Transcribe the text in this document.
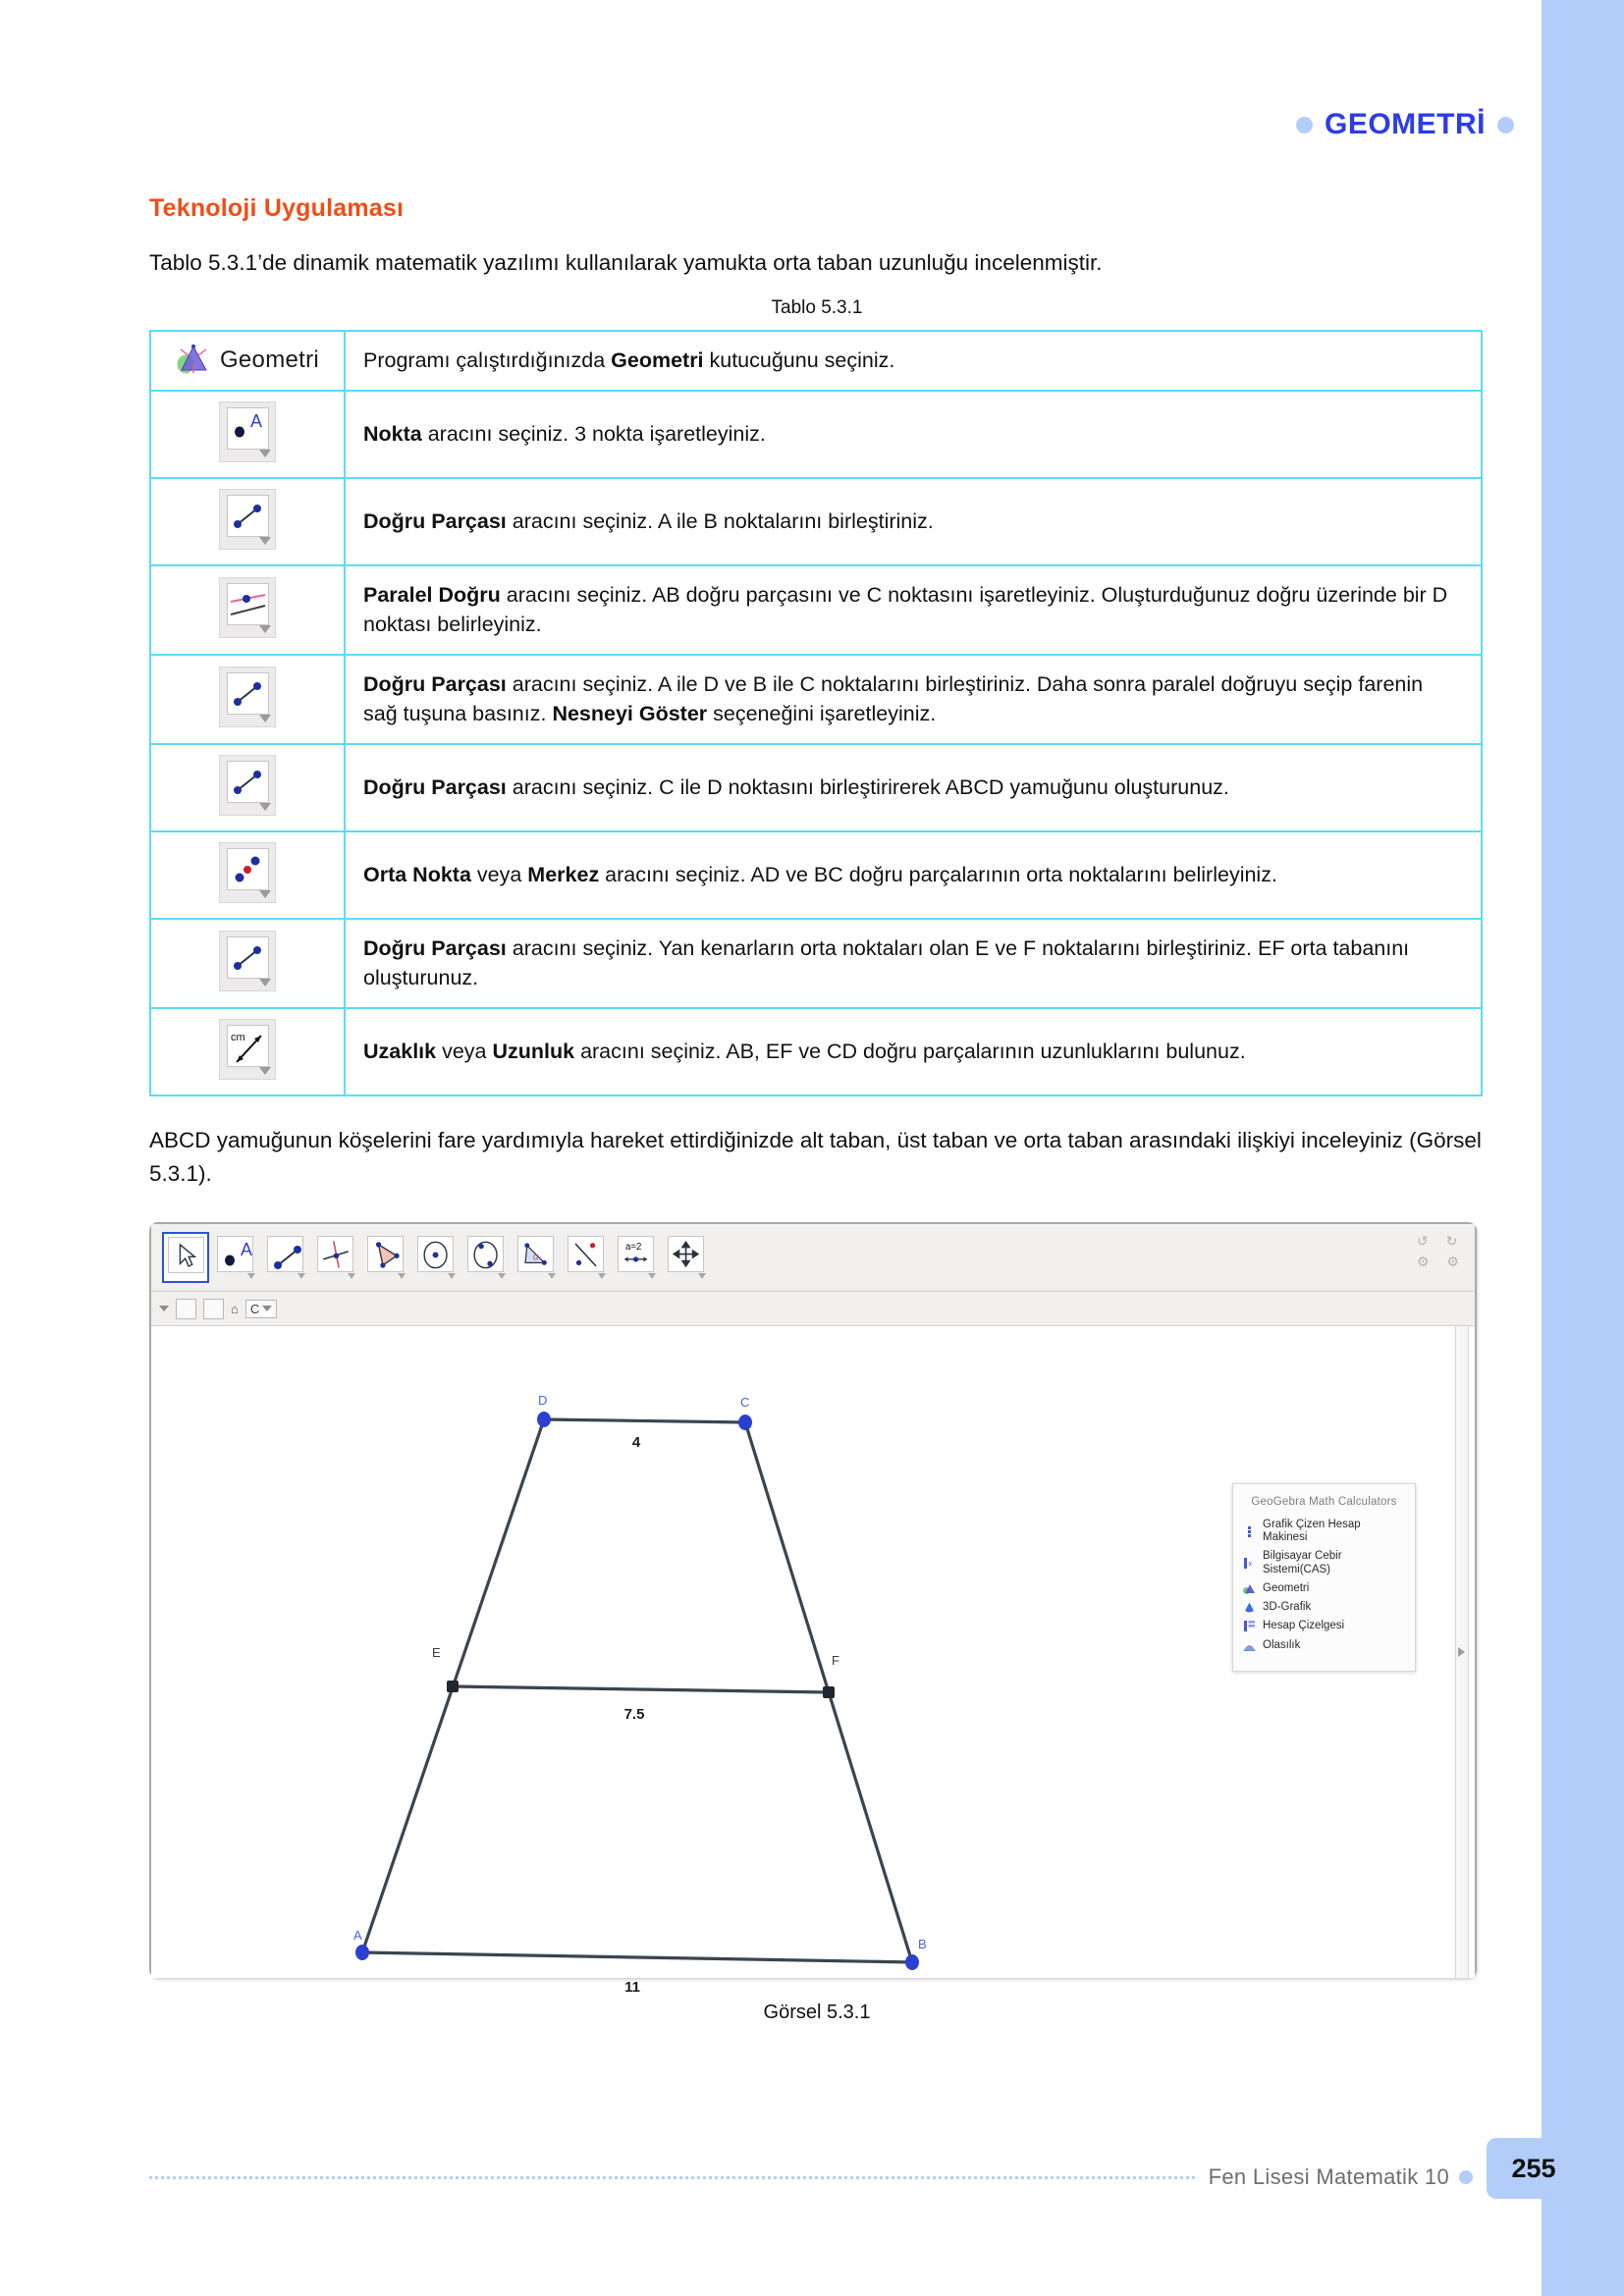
GEOMETRİ
Teknoloji Uygulaması
Tablo 5.3.1’de dinamik matematik yazılımı kullanılarak yamukta orta taban uzunluğu incelenmiştir.
Tablo 5.3.1
Geometri	Programı çalıştırdığınızda Geometri kutucuğunu seçiniz.

A	Nokta aracını seçiniz. 3 nokta işaretleyiniz.

	Doğru Parçası aracını seçiniz. A ile B noktalarını birleştiriniz.

	Paralel Doğru aracını seçiniz. AB doğru parçasını ve C noktasını işaretleyiniz. Oluşturduğunuz doğru üzerinde bir D noktası belirleyiniz.

	Doğru Parçası aracını seçiniz. A ile D ve B ile C noktalarını birleştiriniz. Daha sonra paralel doğruyu seçip farenin sağ tuşuna basınız. Nesneyi Göster seçeneğini işaretleyiniz.

	Doğru Parçası aracını seçiniz. C ile D noktasını birleştirirerek ABCD yamuğunu oluşturunuz.

	Orta Nokta veya Merkez aracını seçiniz. AD ve BC doğru parçalarının orta noktalarını belirleyiniz.

	Doğru Parçası aracını seçiniz. Yan kenarların orta noktaları olan E ve F noktalarını birleştiriniz. EF orta tabanını oluşturunuz.

cm	Uzaklık veya Uzunluk aracını seçiniz. AB, EF ve CD doğru parçalarının uzunluklarını bulunuz.
ABCD yamuğunun köşelerini fare yardımıyla hareket ettirdiğinizde alt taban, üst taban ve orta taban arasındaki ilişkiyi inceleyiniz (Görsel 5.3.1).
A	α
a=2	↺ ↻
⚙ ⚙
⌂ C
A
B
C
D
E
F
4
7.5
11
GeoGebra Math Calculators
Grafik Çizen Hesap Makinesi
x
Bilgisayar Cebir Sistemi(CAS)
Geometri
3D-Grafik
Hesap Çizelgesi
Olasılık
Görsel 5.3.1
Fen Lisesi Matematik 10	255
